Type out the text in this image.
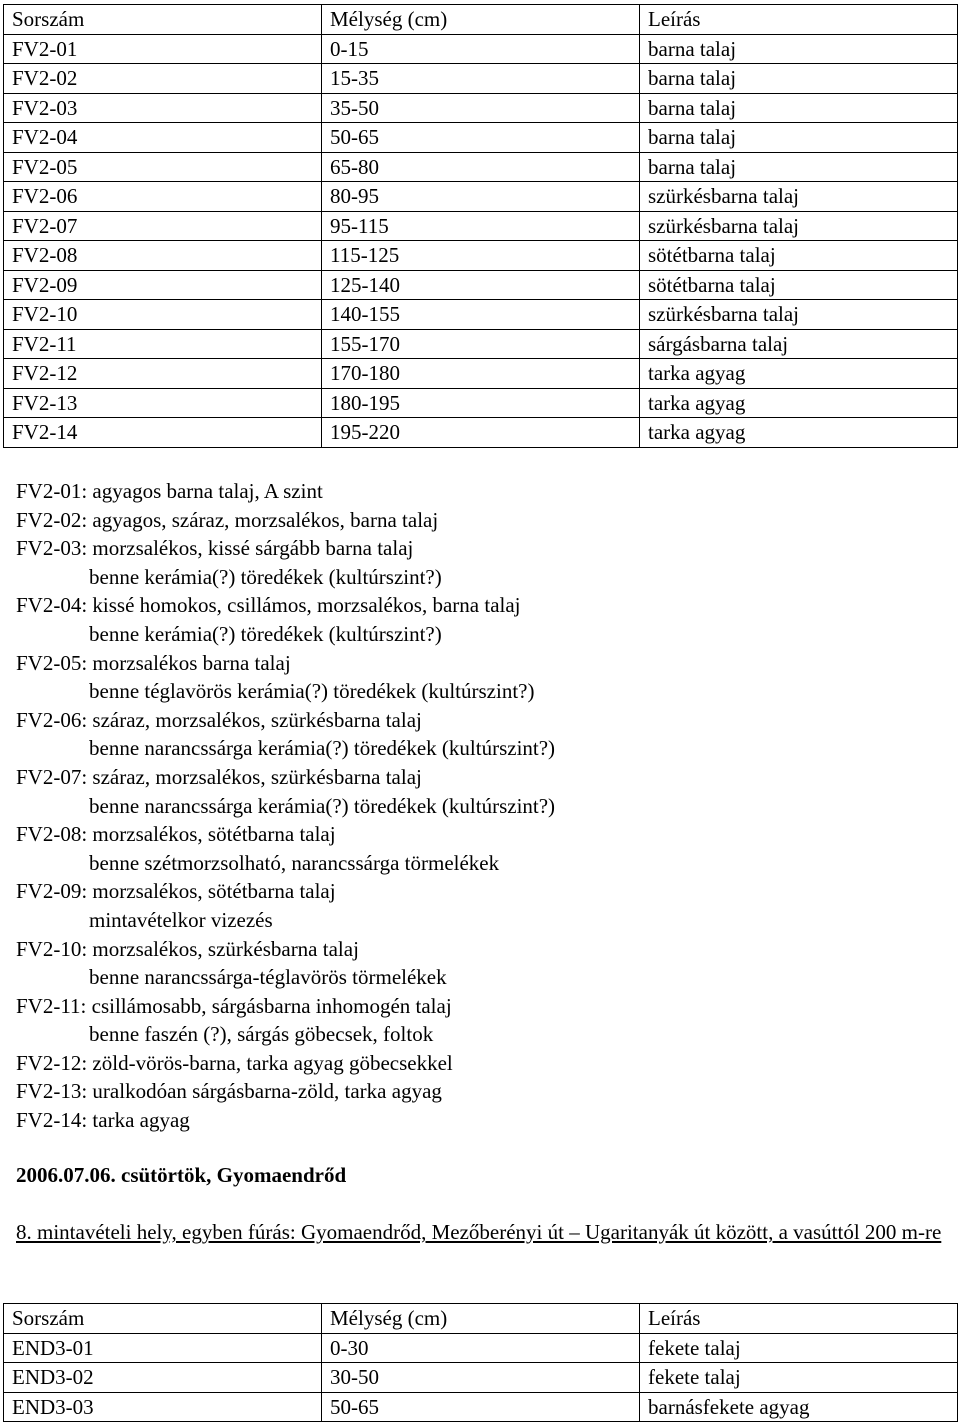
Sorszám	Mélység (cm)	Leírás
FV2-01	0-15	barna talaj
FV2-02	15-35	barna talaj
FV2-03	35-50	barna talaj
FV2-04	50-65	barna talaj
FV2-05	65-80	barna talaj
FV2-06	80-95	szürkésbarna talaj
FV2-07	95-115	szürkésbarna talaj
FV2-08	115-125	sötétbarna talaj
FV2-09	125-140	sötétbarna talaj
FV2-10	140-155	szürkésbarna talaj
FV2-11	155-170	sárgásbarna talaj
FV2-12	170-180	tarka agyag
FV2-13	180-195	tarka agyag
FV2-14	195-220	tarka agyag
FV2-01: agyagos barna talaj, A szint
FV2-02: agyagos, száraz, morzsalékos, barna talaj
FV2-03: morzsalékos, kissé sárgább barna talaj
benne kerámia(?) töredékek (kultúrszint?)
FV2-04: kissé homokos, csillámos, morzsalékos, barna talaj
benne kerámia(?) töredékek (kultúrszint?)
FV2-05: morzsalékos barna talaj
benne téglavörös kerámia(?) töredékek (kultúrszint?)
FV2-06: száraz, morzsalékos, szürkésbarna talaj
benne narancssárga kerámia(?) töredékek (kultúrszint?)
FV2-07: száraz, morzsalékos, szürkésbarna talaj
benne narancssárga kerámia(?) töredékek (kultúrszint?)
FV2-08: morzsalékos, sötétbarna talaj
benne szétmorzsolható, narancssárga törmelékek
FV2-09: morzsalékos, sötétbarna talaj
mintavételkor vizezés
FV2-10: morzsalékos, szürkésbarna talaj
benne narancssárga-téglavörös törmelékek
FV2-11: csillámosabb, sárgásbarna inhomogén talaj
benne faszén (?), sárgás göbecsek, foltok
FV2-12: zöld-vörös-barna, tarka agyag göbecsekkel
FV2-13: uralkodóan sárgásbarna-zöld, tarka agyag
FV2-14: tarka agyag
2006.07.06. csütörtök, Gyomaendrőd
8. mintavételi hely, egyben fúrás: Gyomaendrőd, Mezőberényi út – Ugaritanyák út között, a vasúttól 200 m-re
Sorszám	Mélység (cm)	Leírás
END3-01	0-30	fekete talaj
END3-02	30-50	fekete talaj
END3-03	50-65	barnásfekete agyag
